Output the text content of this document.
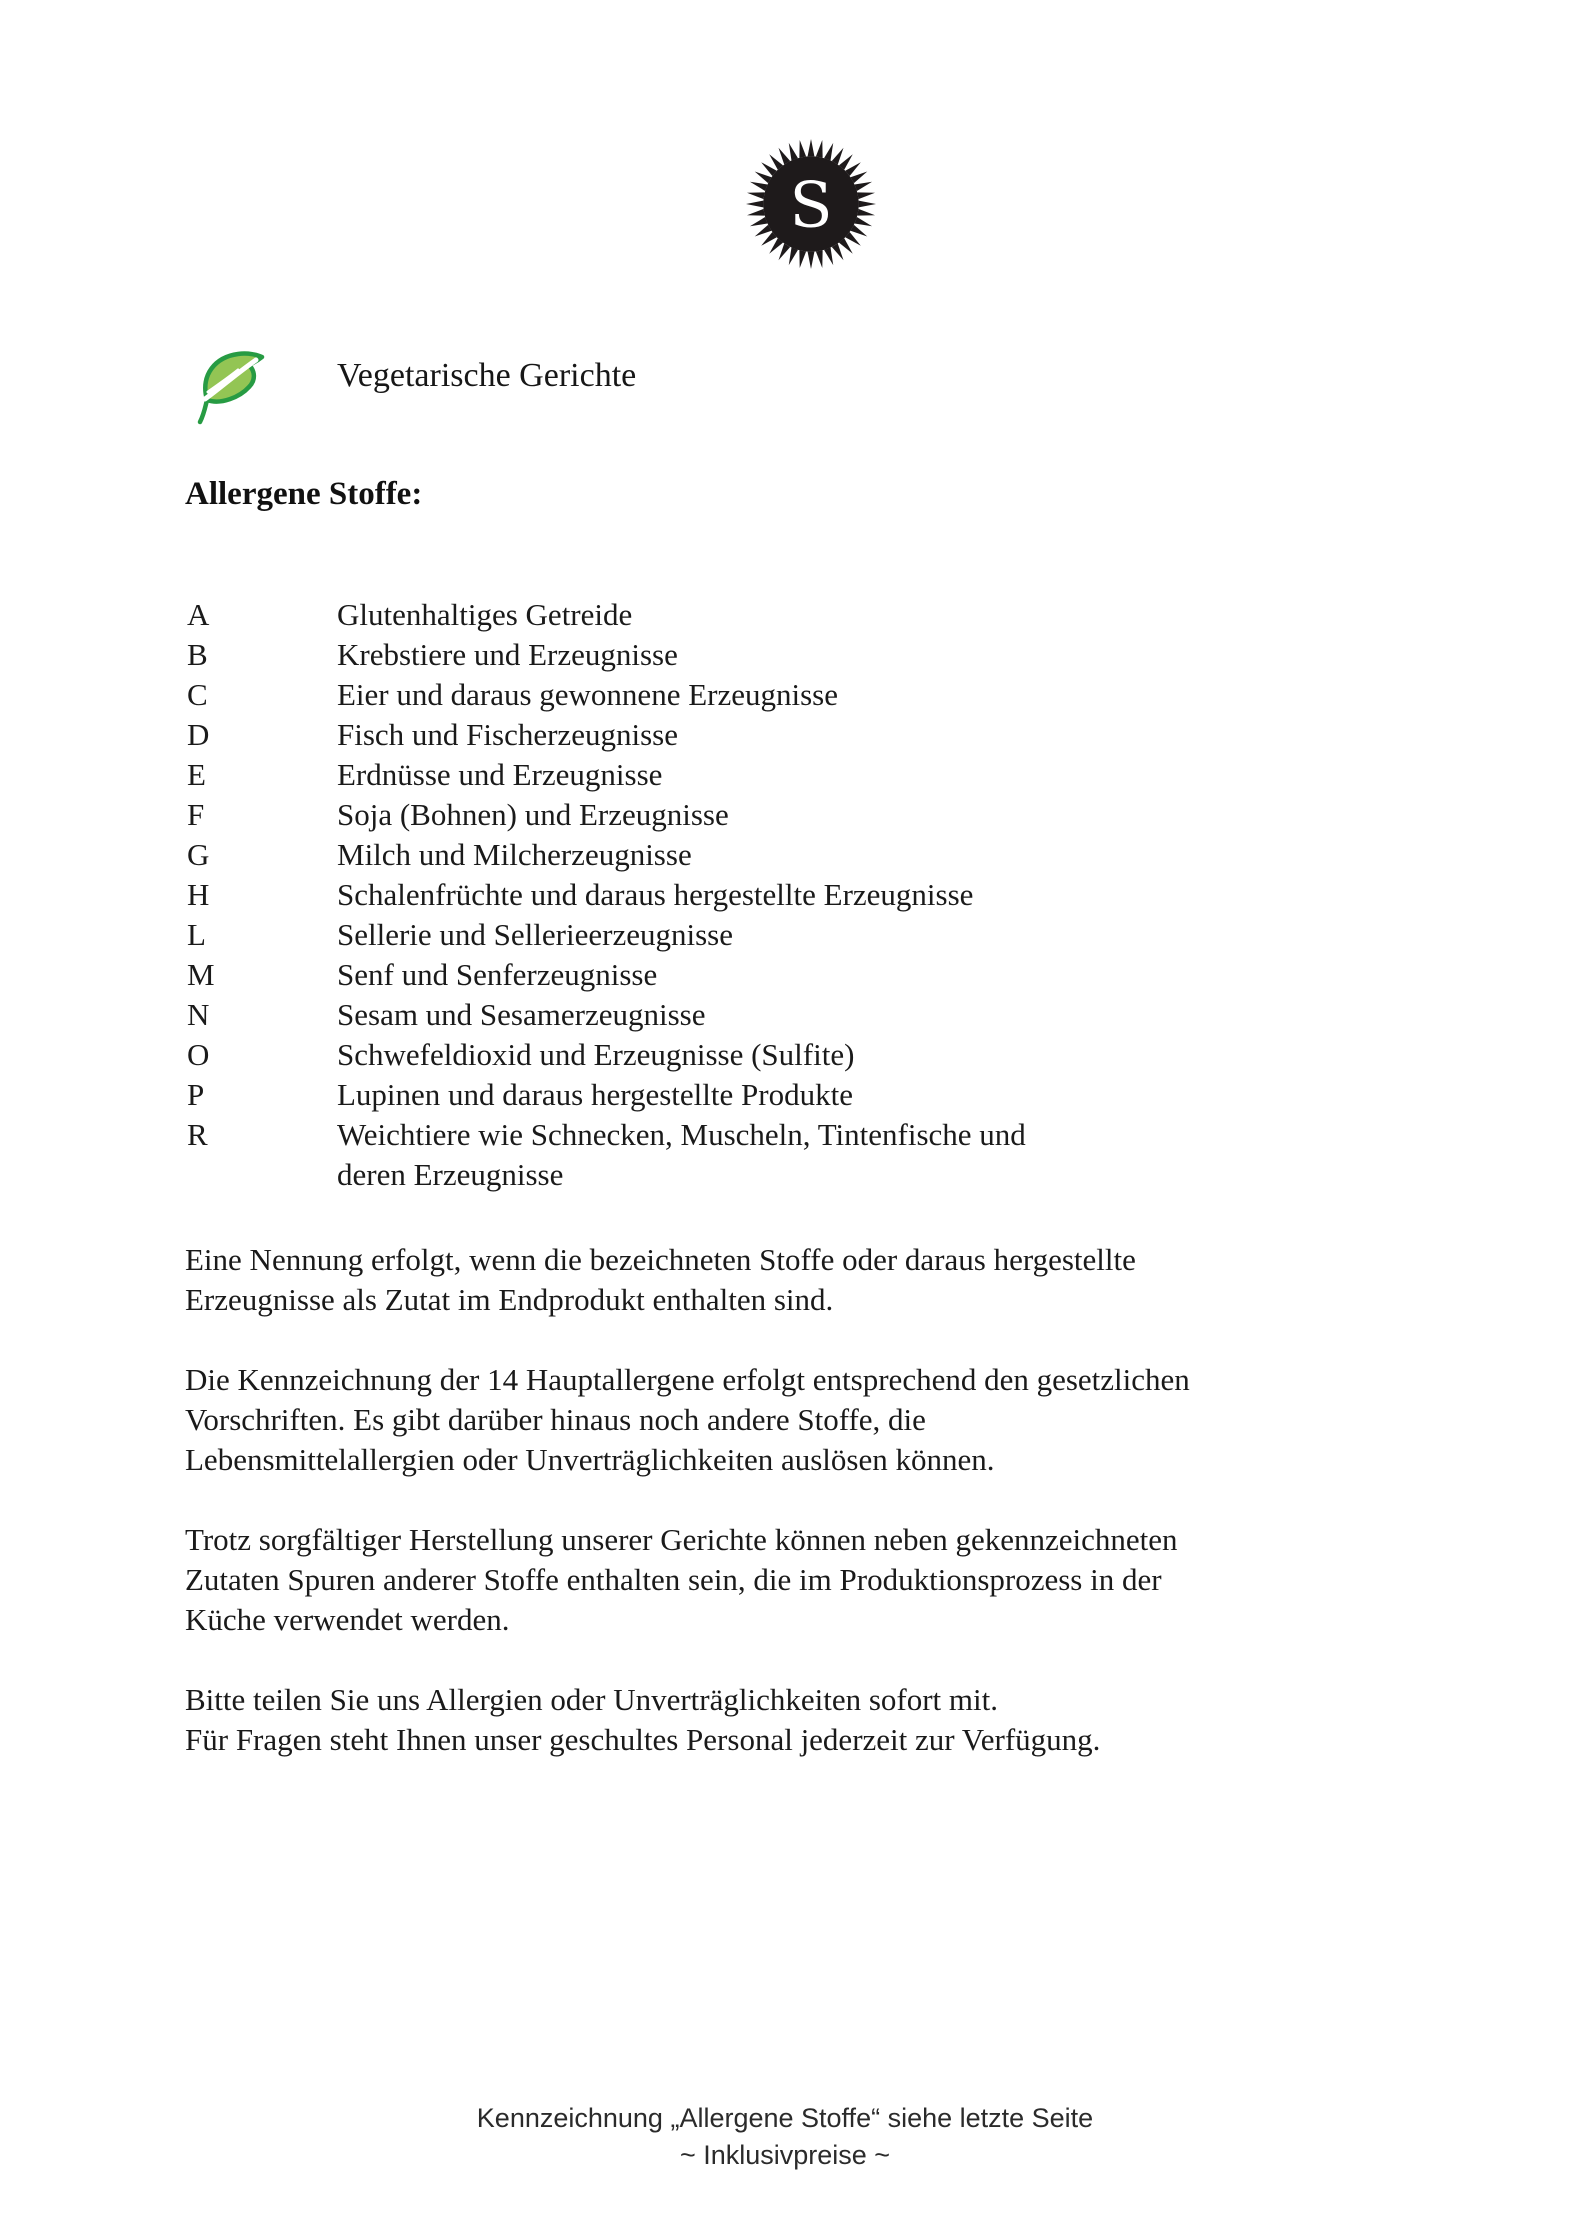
S
Vegetarische Gerichte
Allergene Stoffe:
A	Glutenhaltiges Getreide
B	Krebstiere und Erzeugnisse
C	Eier und daraus gewonnene Erzeugnisse
D	Fisch und Fischerzeugnisse
E	Erdnüsse und Erzeugnisse
F	Soja (Bohnen) und Erzeugnisse
G	Milch und Milcherzeugnisse
H	Schalenfrüchte und daraus hergestellte Erzeugnisse
L	Sellerie und Sellerieerzeugnisse
M	Senf und Senferzeugnisse
N	Sesam und Sesamerzeugnisse
O	Schwefeldioxid und Erzeugnisse (Sulfite)
P	Lupinen und daraus hergestellte Produkte
R	Weichtiere wie Schnecken, Muscheln, Tintenfische und
deren Erzeugnisse
Eine Nennung erfolgt, wenn die bezeichneten Stoffe oder daraus hergestellte
Erzeugnisse als Zutat im Endprodukt enthalten sind.
Die Kennzeichnung der 14 Hauptallergene erfolgt entsprechend den gesetzlichen
Vorschriften. Es gibt darüber hinaus noch andere Stoffe, die
Lebensmittelallergien oder Unverträglichkeiten auslösen können.
Trotz sorgfältiger Herstellung unserer Gerichte können neben gekennzeichneten
Zutaten Spuren anderer Stoffe enthalten sein, die im Produktionsprozess in der
Küche verwendet werden.
Bitte teilen Sie uns Allergien oder Unverträglichkeiten sofort mit.
Für Fragen steht Ihnen unser geschultes Personal jederzeit zur Verfügung.
Kennzeichnung „Allergene Stoffe“ siehe letzte Seite
~ Inklusivpreise ~
